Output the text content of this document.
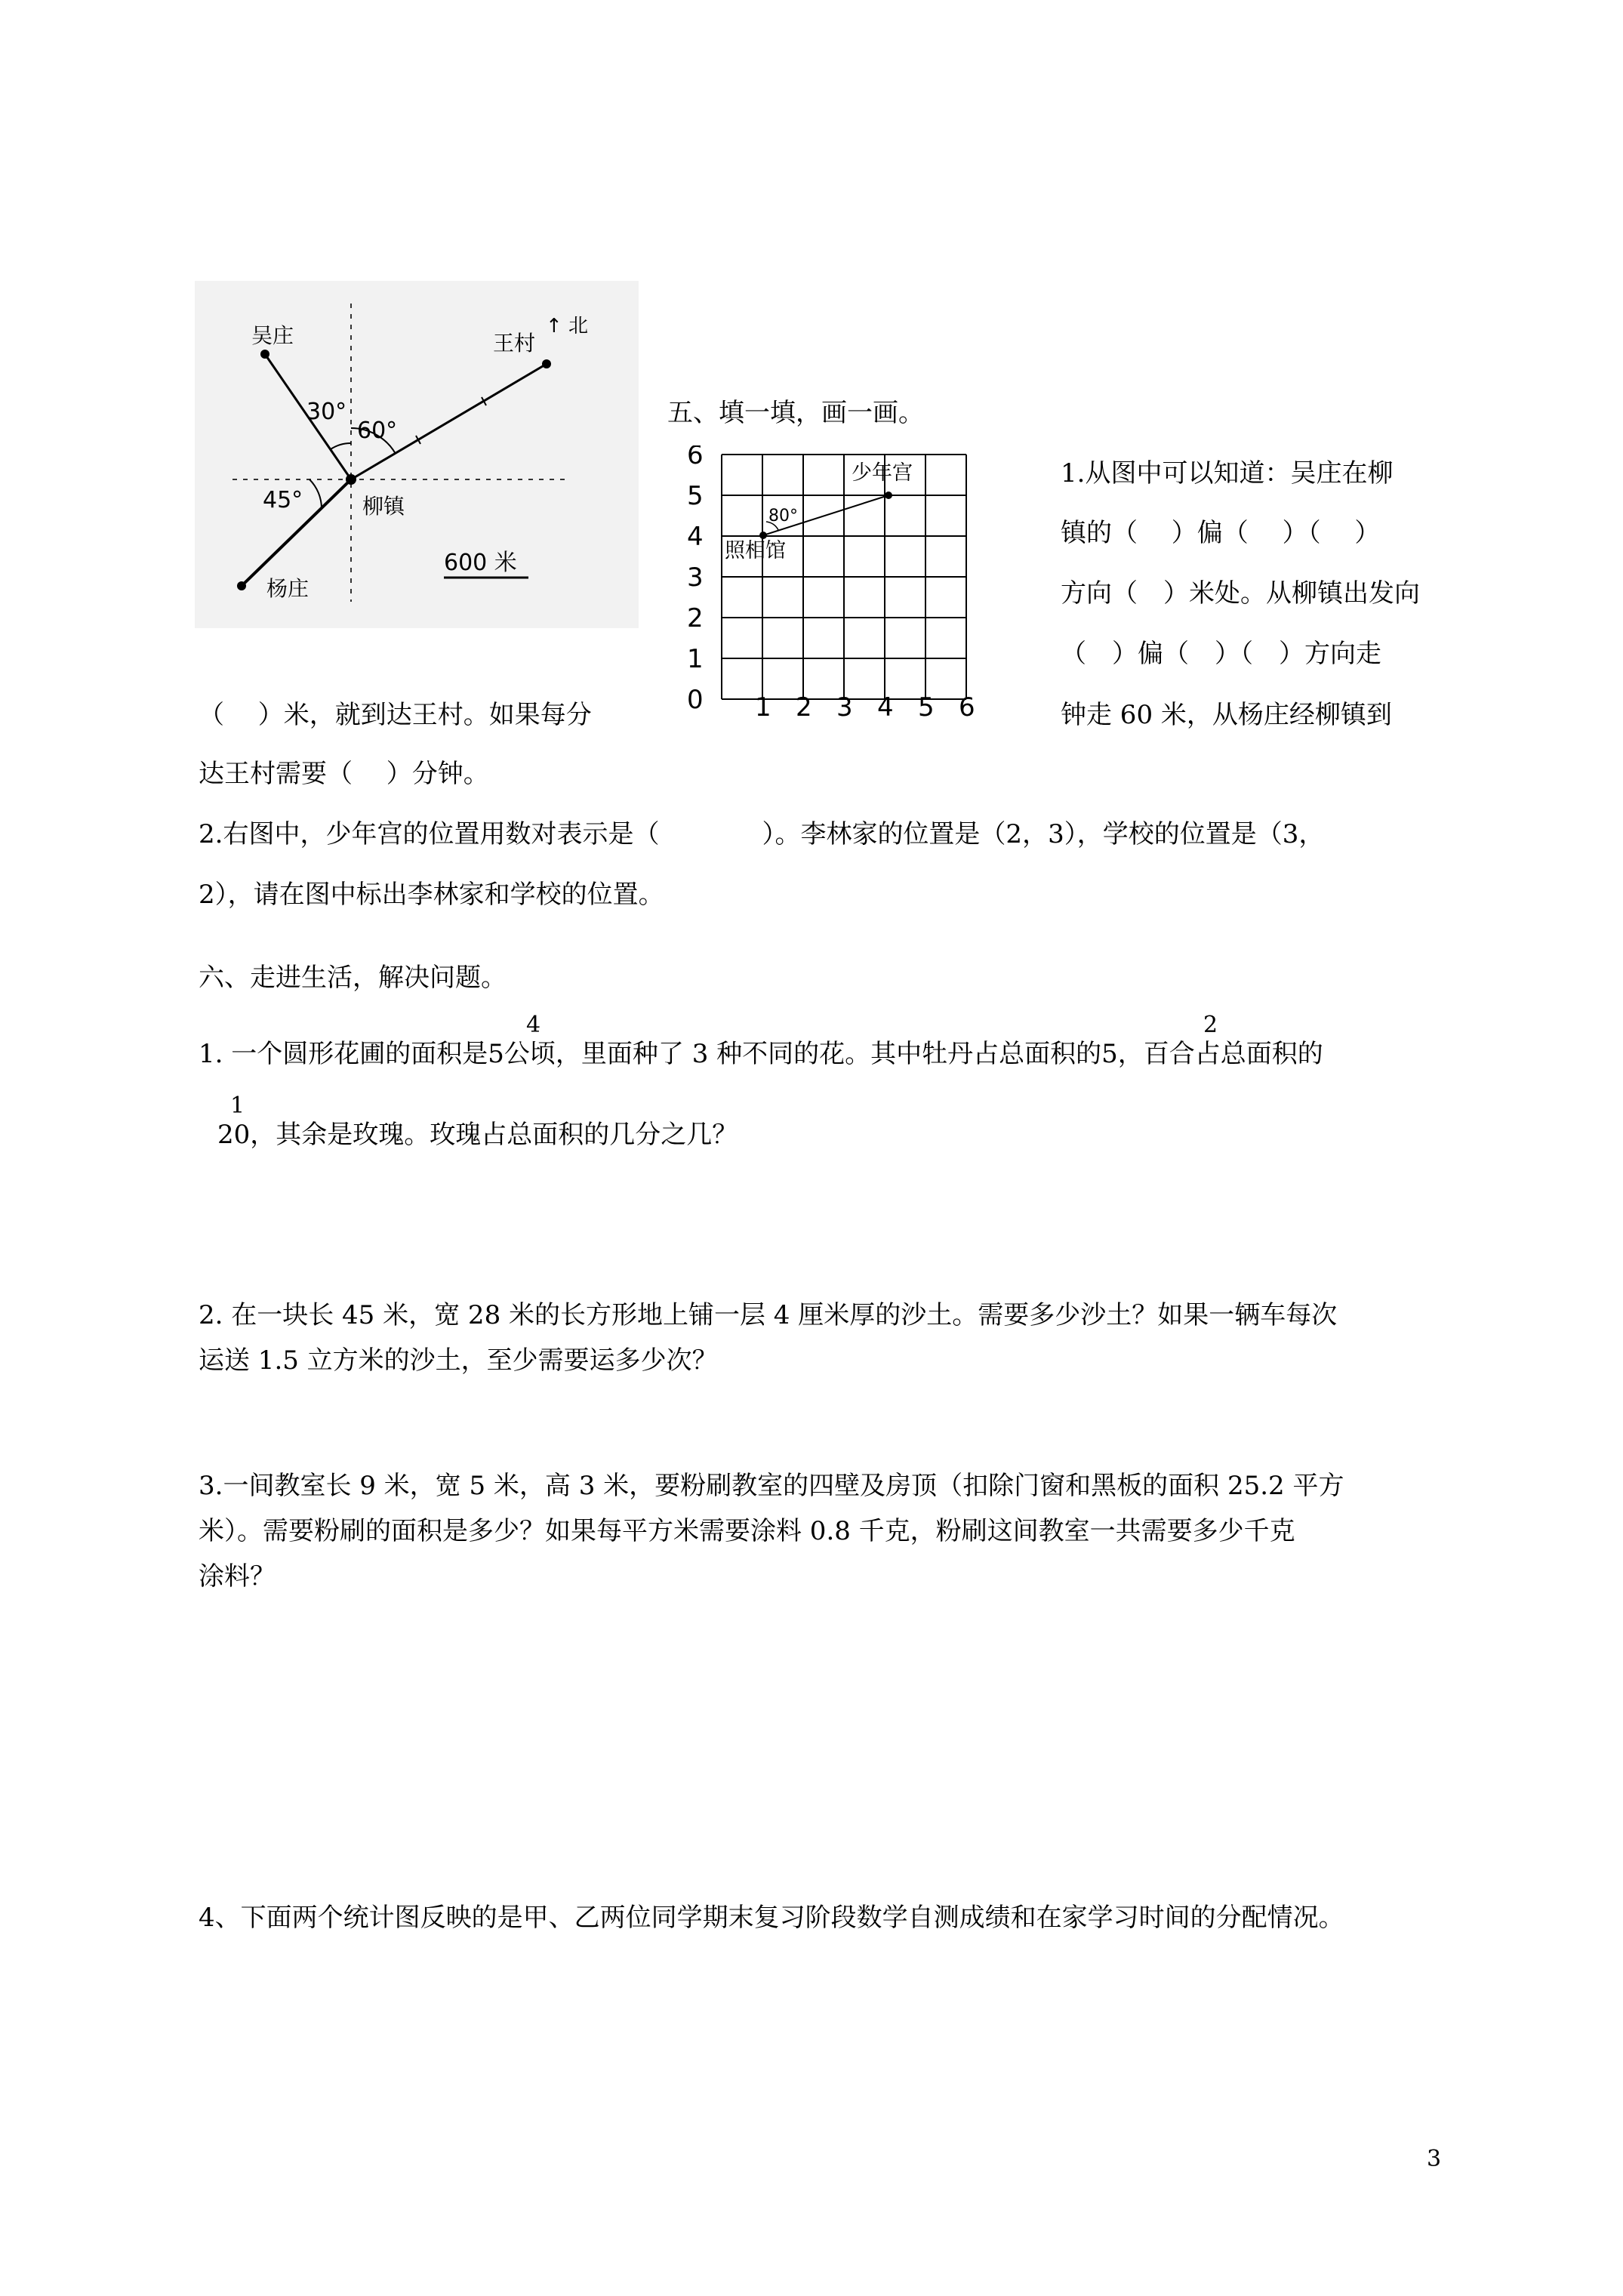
↑ 北
吴庄	王村
杨庄
柳镇
30°
60°
45°
600 米
五、填一填，画一画。
0
1
2
3
4
5
6
1 2 3 4 5 6
80°
少年宫
照相馆
1.从图中可以知道：吴庄在柳
镇的（　 ）偏（　 ）（　 ）
方向（　）米处。从柳镇出发向
（　）偏（　）（　）方向走
（　 ）米，就到达王村。如果每分	钟走 60 米，从杨庄经柳镇到
达王村需要（　 ）分钟。
2.右图中，少年宫的位置用数对表示是（　　　　）。李林家的位置是（2，3），学校的位置是（3，
2），请在图中标出李林家和学校的位置。
六、走进生活，解决问题。
4	2
1. 一个圆形花圃的面积是5公顷，里面种了 3 种不同的花。其中牡丹占总面积的5，百合占总面积的
1
20，其余是玫瑰。玫瑰占总面积的几分之几？
2. 在一块长 45 米，宽 28 米的长方形地上铺一层 4 厘米厚的沙土。需要多少沙土？如果一辆车每次
运送 1.5 立方米的沙土，至少需要运多少次？
3.一间教室长 9 米，宽 5 米，高 3 米，要粉刷教室的四壁及房顶（扣除门窗和黑板的面积 25.2 平方
米）。需要粉刷的面积是多少？如果每平方米需要涂料 0.8 千克，粉刷这间教室一共需要多少千克
涂料？
4、下面两个统计图反映的是甲、乙两位同学期末复习阶段数学自测成绩和在家学习时间的分配情况。
3
